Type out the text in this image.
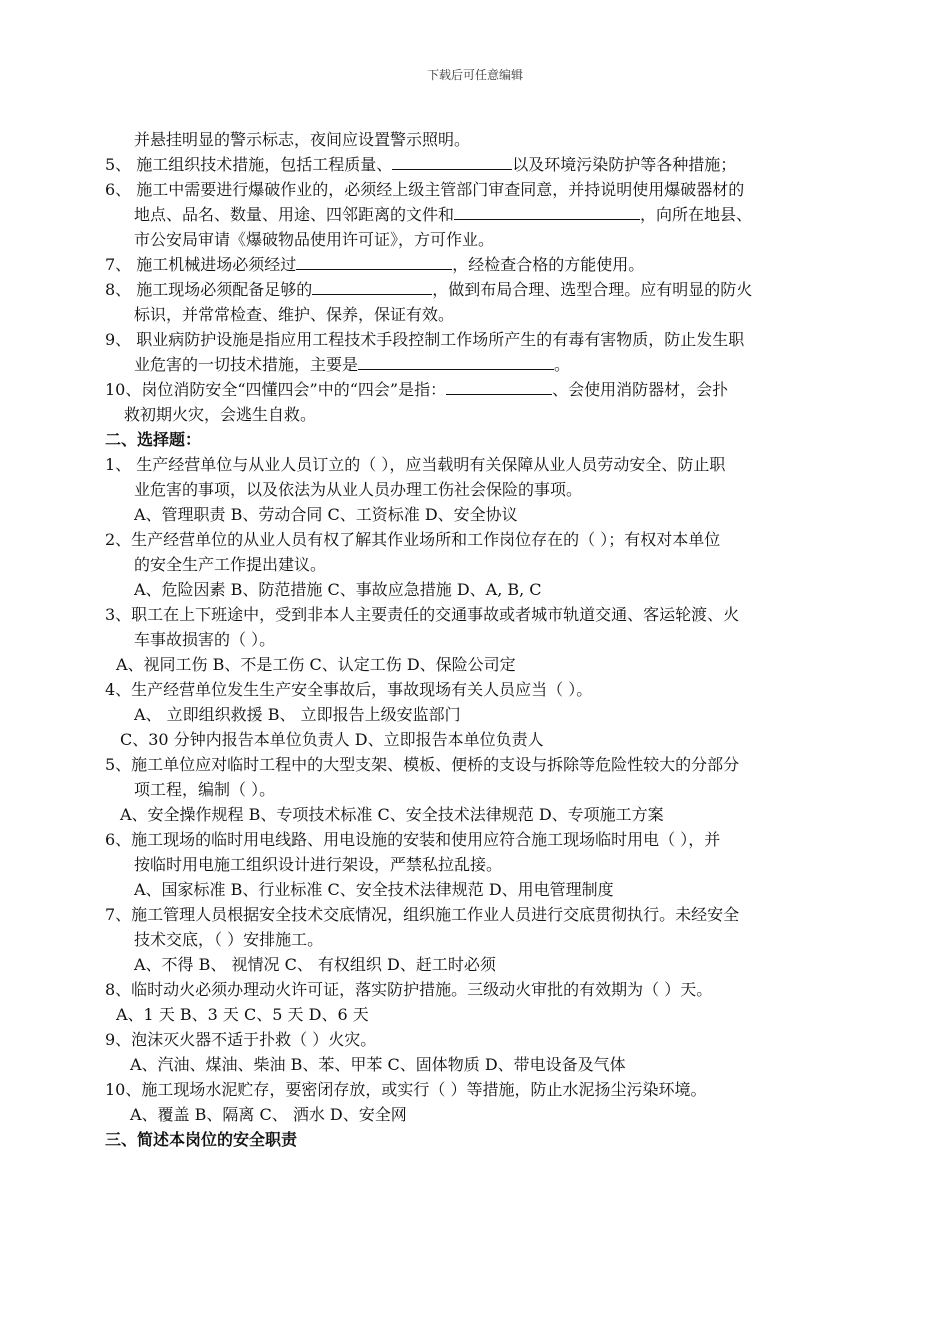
下载后可任意编辑
并悬挂明显的警示标志，夜间应设置警示照明。
5、 施工组织技术措施，包括工程质量、	以及环境污染防护等各种措施；
6、 施工中需要进行爆破作业的，必须经上级主管部门审查同意，并持说明使用爆破器材的
地点、品名、数量、用途、四邻距离的文件和	，向所在地县、
市公安局审请《爆破物品使用许可证》，方可作业。
7、 施工机械进场必须经过	，经检查合格的方能使用。
8、 施工现场必须配备足够的	，做到布局合理、选型合理。应有明显的防火
标识，并常常检查、维护、保养，保证有效。
9、 职业病防护设施是指应用工程技术手段控制工作场所产生的有毒有害物质，防止发生职
业危害的一切技术措施，主要是	。
10、岗位消防安全“四懂四会”中的“四会”是指：	、会使用消防器材，会扑
救初期火灾，会逃生自救。
二、选择题：
1、 生产经营单位与从业人员订立的（ ），应当载明有关保障从业人员劳动安全、防止职
业危害的事项，以及依法为从业人员办理工伤社会保险的事项。
A、管理职责 B、劳动合同 C、工资标准 D、安全协议
2、生产经营单位的从业人员有权了解其作业场所和工作岗位存在的（ ）；有权对本单位
的安全生产工作提出建议。
A、危险因素 B、防范措施 C、事故应急措施 D、A, B, C
3、职工在上下班途中，受到非本人主要责任的交通事故或者城市轨道交通、客运轮渡、火
车事故损害的（ ）。
A、视同工伤 B、不是工伤 C、认定工伤 D、保险公司定
4、生产经营单位发生生产安全事故后，事故现场有关人员应当（ ）。
A、 立即组织救援 B、 立即报告上级安监部门
C、30 分钟内报告本单位负责人 D、立即报告本单位负责人
5、施工单位应对临时工程中的大型支架、模板、便桥的支设与拆除等危险性较大的分部分
项工程，编制（ ）。
A、安全操作规程 B、专项技术标准 C、安全技术法律规范 D、专项施工方案
6、施工现场的临时用电线路、用电设施的安装和使用应符合施工现场临时用电（ ），并
按临时用电施工组织设计进行架设，严禁私拉乱接。
A、国家标准 B、行业标准 C、安全技术法律规范 D、用电管理制度
7、施工管理人员根据安全技术交底情况，组织施工作业人员进行交底贯彻执行。未经安全
技术交底，（ ）安排施工。
A、不得 B、 视情况 C、 有权组织 D、赶工时必须
8、临时动火必须办理动火许可证，落实防护措施。三级动火审批的有效期为（ ）天。
A、1 天 B、3 天 C、5 天 D、6 天
9、泡沫灭火器不适于扑救（ ）火灾。
A、汽油、煤油、柴油 B、苯、甲苯 C、固体物质 D、带电设备及气体
10、施工现场水泥贮存，要密闭存放，或实行（ ）等措施，防止水泥扬尘污染环境。
A、覆盖 B、隔离 C、 洒水 D、安全网
三、简述本岗位的安全职责
